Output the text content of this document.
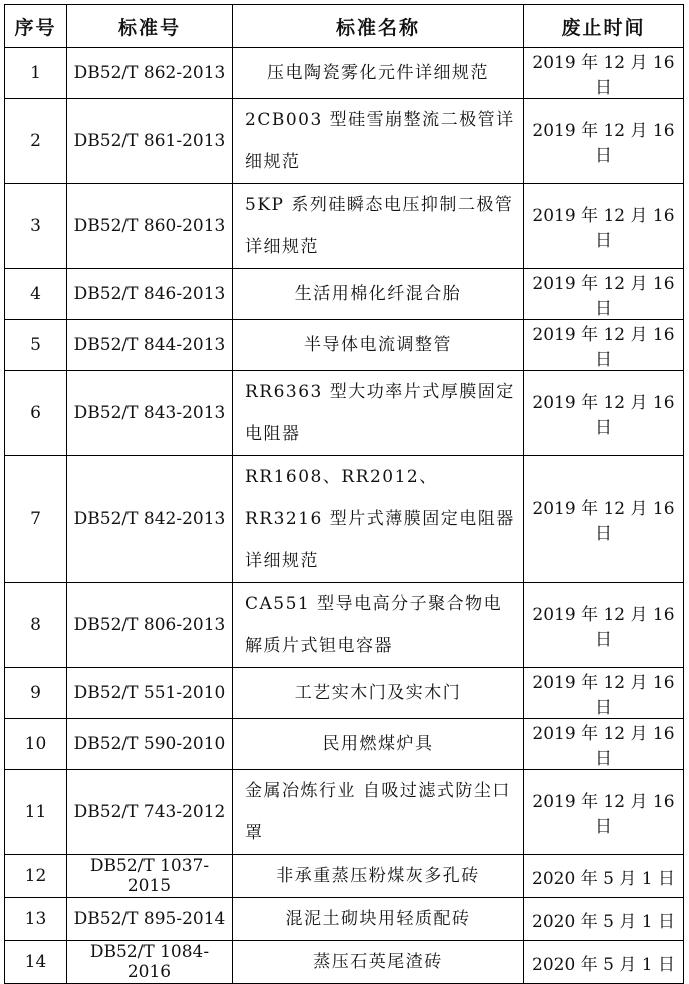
序号	标准号	标准名称	废止时间
1	DB52/T 862-2013	压电陶瓷雾化元件详细规范	2019 年 12 月 16 日
2	DB52/T 861-2013	2CB003 型硅雪崩整流二极管详细规范	2019 年 12 月 16 日
3	DB52/T 860-2013	5KP 系列硅瞬态电压抑制二极管详细规范	2019 年 12 月 16 日
4	DB52/T 846-2013	生活用棉化纤混合胎	2019 年 12 月 16 日
5	DB52/T 844-2013	半导体电流调整管	2019 年 12 月 16 日
6	DB52/T 843-2013	RR6363 型大功率片式厚膜固定电阻器	2019 年 12 月 16 日
7	DB52/T 842-2013	RR1608、RR2012、RR3216 型片式薄膜固定电阻器详细规范	2019 年 12 月 16 日
8	DB52/T 806-2013	CA551 型导电高分子聚合物电解质片式钽电容器	2019 年 12 月 16 日
9	DB52/T 551-2010	工艺实木门及实木门	2019 年 12 月 16 日
10	DB52/T 590-2010	民用燃煤炉具	2019 年 12 月 16 日
11	DB52/T 743-2012	金属冶炼行业 自吸过滤式防尘口罩	2019 年 12 月 16 日
12	DB52/T 1037-2015	非承重蒸压粉煤灰多孔砖	2020 年 5 月 1 日
13	DB52/T 895-2014	混泥土砌块用轻质配砖	2020 年 5 月 1 日
14	DB52/T 1084-2016	蒸压石英尾渣砖	2020 年 5 月 1 日
